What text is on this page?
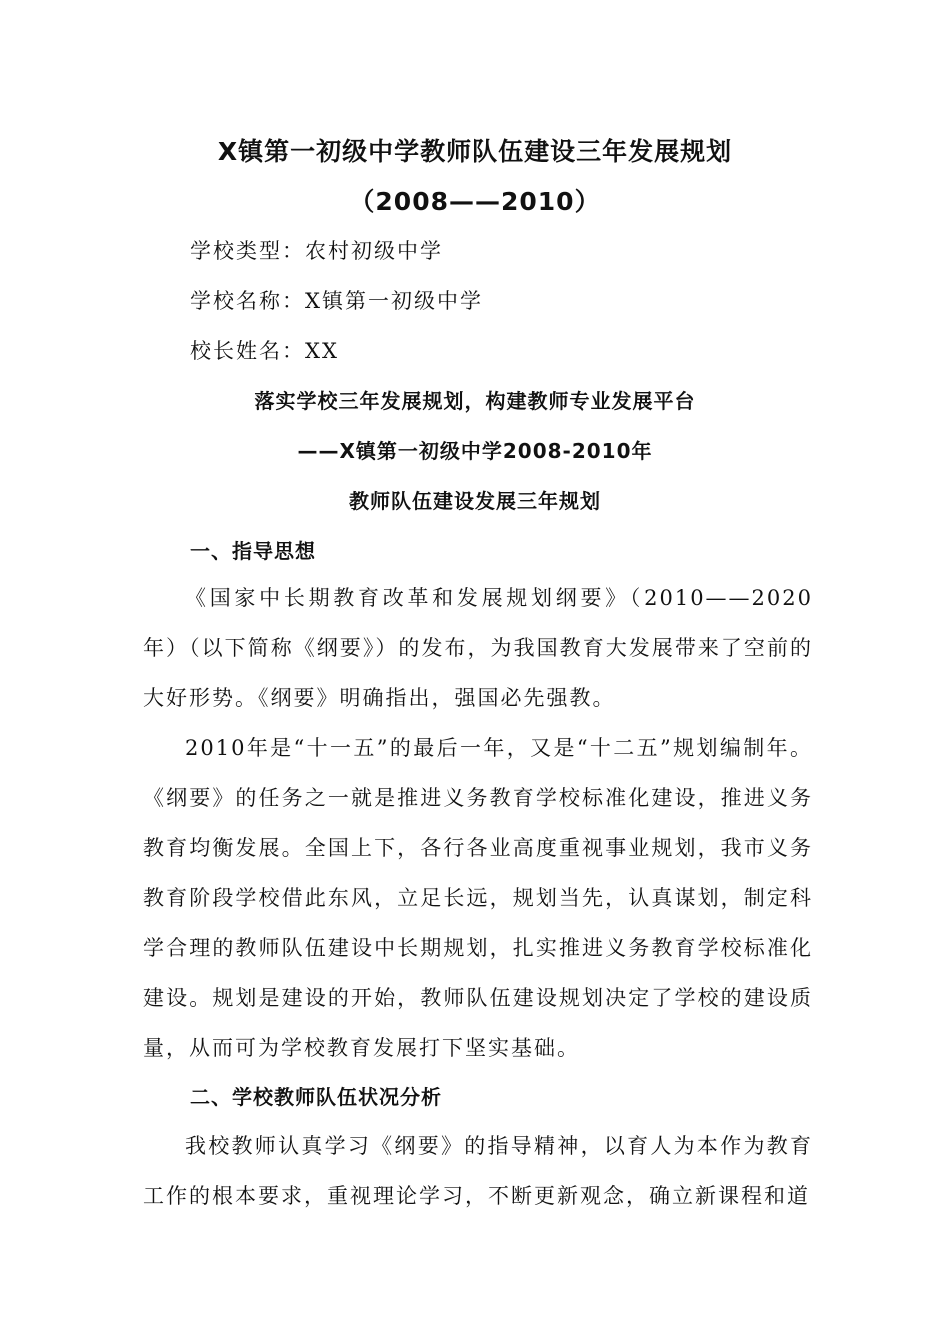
X镇第一初级中学教师队伍建设三年发展规划
（2008——2010）
学校类型：农村初级中学
学校名称：X镇第一初级中学
校长姓名：XX
落实学校三年发展规划，构建教师专业发展平台
——X镇第一初级中学2008-2010年
教师队伍建设发展三年规划
一、指导思想

《国家中长期教育改革和发展规划纲要》（2010——2020年）（以下简称《纲要》）的发布，为我国教育大发展带来了空前的大好形势。《纲要》明确指出，强国必先强教。

2010年是“十一五”的最后一年，又是“十二五”规划编制年。《纲要》的任务之一就是推进义务教育学校标准化建设，推进义务教育均衡发展。全国上下，各行各业高度重视事业规划，我市义务教育阶段学校借此东风，立足长远，规划当先，认真谋划，制定科学合理的教师队伍建设中长期规划，扎实推进义务教育学校标准化建设。规划是建设的开始，教师队伍建设规划决定了学校的建设质量，从而可为学校教育发展打下坚实基础。

二、学校教师队伍状况分析

我校教师认真学习《纲要》的指导精神，以育人为本作为教育工作的根本要求，重视理论学习，不断更新观念，确立新课程和道
